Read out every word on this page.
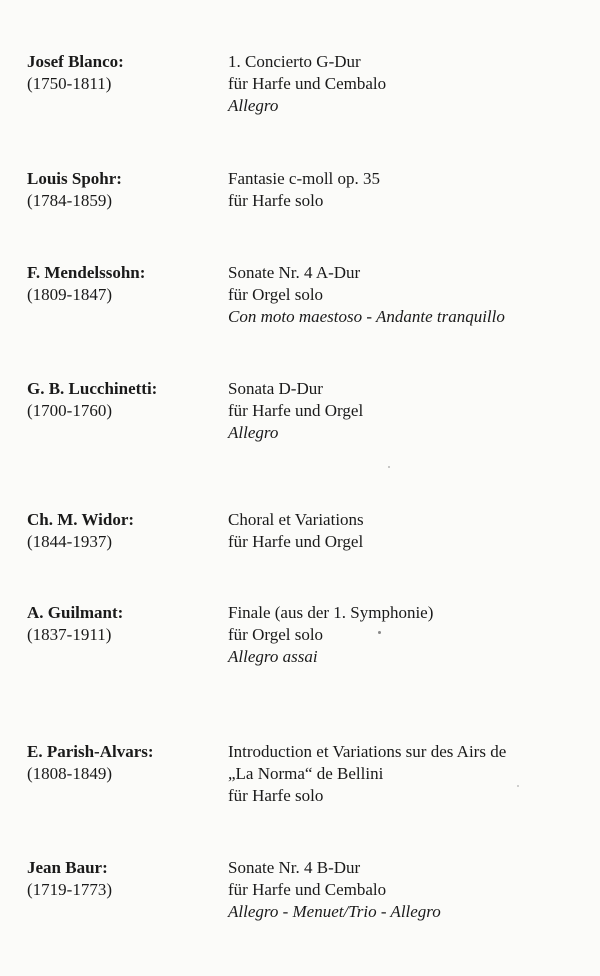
Josef Blanco:
(1750-1811)
1. Concierto G-Dur
für Harfe und Cembalo
Allegro
Louis Spohr:
(1784-1859)
Fantasie c-moll op. 35
für Harfe solo
F. Mendelssohn:
(1809-1847)
Sonate Nr. 4 A-Dur
für Orgel solo
Con moto maestoso - Andante tranquillo
G. B. Lucchinetti:
(1700-1760)
Sonata D-Dur
für Harfe und Orgel
Allegro
Ch. M. Widor:
(1844-1937)
Choral et Variations
für Harfe und Orgel
A. Guilmant:
(1837-1911)
Finale (aus der 1. Symphonie)
für Orgel solo
Allegro assai
E. Parish-Alvars:
(1808-1849)
Introduction et Variations sur des Airs de
„La Norma“ de Bellini
für Harfe solo
Jean Baur:
(1719-1773)
Sonate Nr. 4 B-Dur
für Harfe und Cembalo
Allegro - Menuet/Trio - Allegro
